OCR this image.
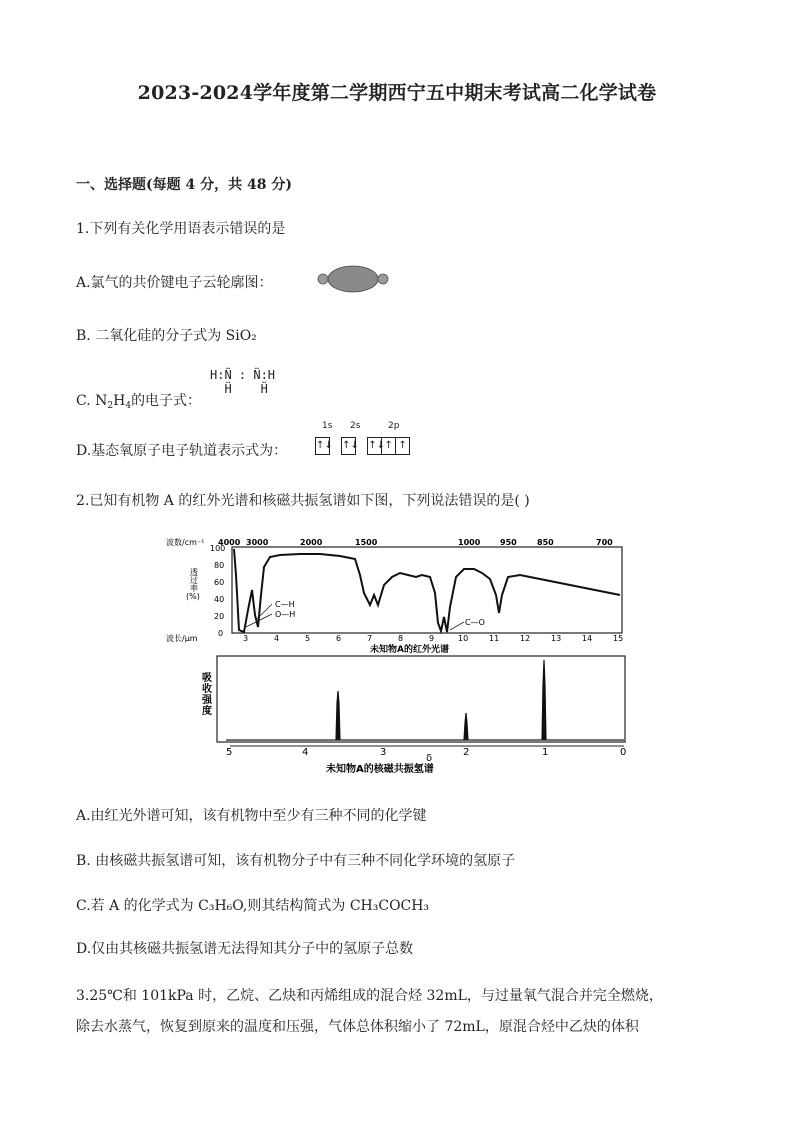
2023-2024学年度第二学期西宁五中期末考试高二化学试卷
一、选择题(每题 4 分，共 48 分)
1.下列有关化学用语表示错误的是
A.氯气的共价键电子云轮廓图：
B. 二氧化硅的分子式为 SiO₂
C. $N_2H_4$的电子式：
H:N̈ : N̈:H
Ḧ    Ḧ
D.基态氧原子电子轨道表示式为：
1s 2s	2p
↑↓ ↑↓ ↑↓↑ ↑
2.已知有机物 A 的红外光谱和核磁共振氢谱如下图，下列说法错误的是( )
波数/cm⁻¹ 4000 3000	2000	1500	1000 950	850	700
透过率(%)
100
80
60
40
20
0
C—H
O—H
C—O
波长/μm	3	4	5	6	7	8	9	10	11	12	13	14	15
未知物A的红外光谱
吸收强度
5	4	3	2	1	0
δ
未知物A的核磁共振氢谱
A.由红光外谱可知，该有机物中至少有三种不同的化学键
B. 由核磁共振氢谱可知，该有机物分子中有三种不同化学环境的氢原子
C.若 A 的化学式为 C₃H₆O,则其结构简式为 CH₃COCH₃
D.仅由其核磁共振氢谱无法得知其分子中的氢原子总数
3.25℃和 101kPa 时，乙烷、乙炔和丙烯组成的混合烃 32mL，与过量氧气混合并完全燃烧，
除去水蒸气，恢复到原来的温度和压强，气体总体积缩小了 72mL，原混合烃中乙炔的体积
